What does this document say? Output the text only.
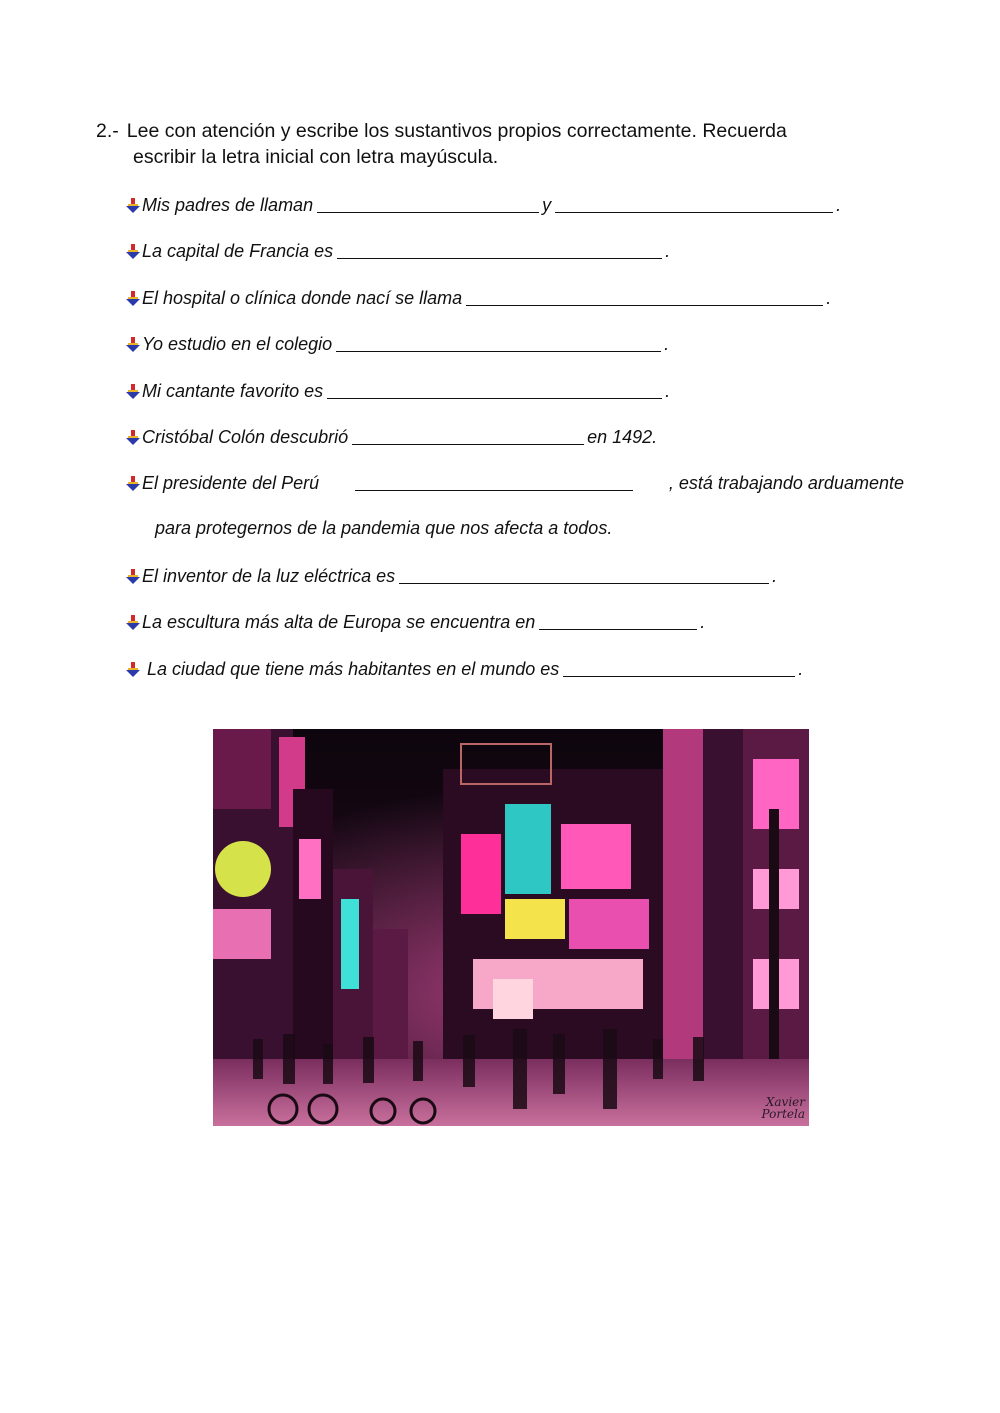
2.- Lee con atención y escribe los sustantivos propios correctamente. Recuerda
escribir la letra inicial con letra mayúscula.
Mis padres de llaman	y	.
La capital de Francia es	.
El hospital o clínica donde nací se llama	.
Yo estudio en el colegio	.
Mi cantante favorito es	.
Cristóbal Colón descubrió	en 1492.
El presidente del Perú	, está trabajando arduamente
para protegernos de la pandemia que nos afecta a todos.
El inventor de la luz eléctrica es	.
La escultura más alta de Europa se encuentra en	.
La ciudad que tiene más habitantes en el mundo es	.
Xavier
Portela
